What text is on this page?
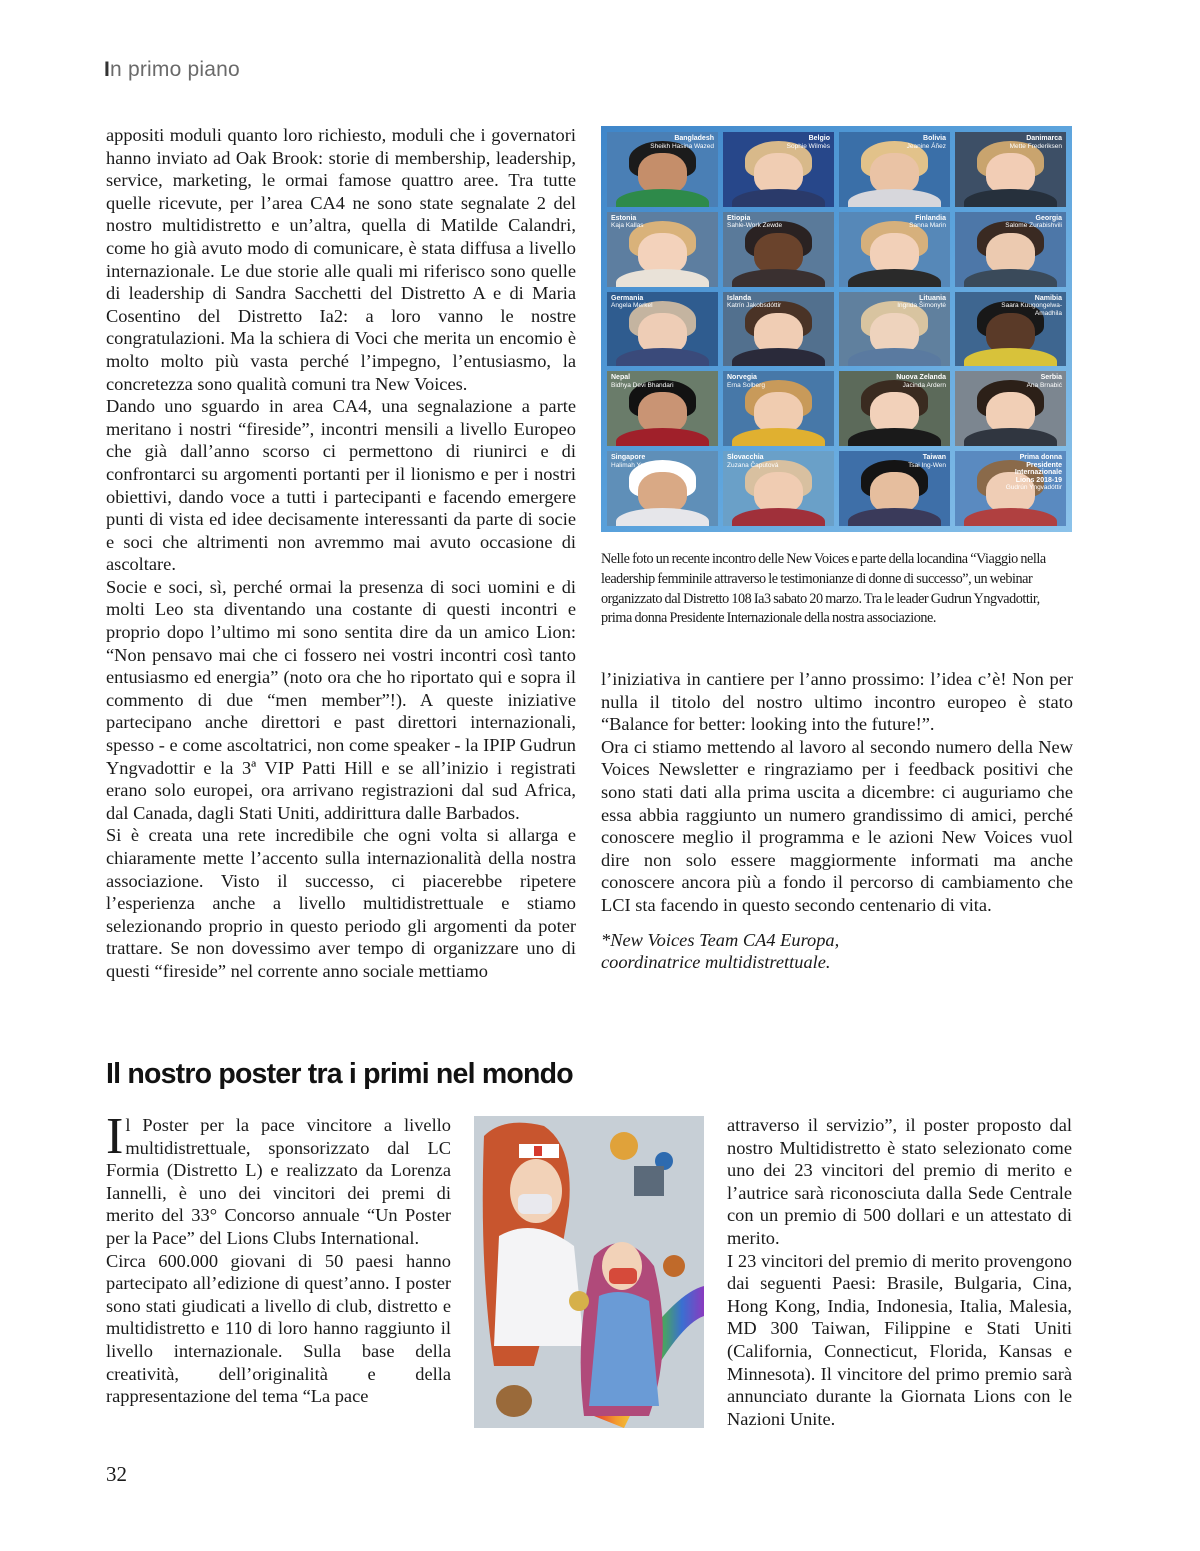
In primo piano

appositi moduli quanto loro richiesto, moduli che i governatori hanno inviato ad Oak Brook: storie di membership, leadership, service, marketing, le ormai famose quattro aree. Tra tutte quelle ricevute, per l’area CA4 ne sono state segnalate 2 del nostro multidistretto e un’altra, quella di Matilde Calandri, come ho già avuto modo di comunicare, è stata diffusa a livello internazionale. Le due storie alle quali mi riferisco sono quelle di leadership di Sandra Sacchetti del Distretto A e di Maria Cosentino del Distretto Ia2: a loro vanno le nostre congratulazioni. Ma la schiera di Voci che merita un encomio è molto molto più vasta perché l’impegno, l’entusiasmo, la concretezza sono qualità comuni tra New Voices.

Dando uno sguardo in area CA4, una segnalazione a parte meritano i nostri “fireside”, incontri mensili a livello Europeo che già dall’anno scorso ci permettono di riunirci e di confrontarci su argomenti portanti per il lionismo e per i nostri obiettivi, dando voce a tutti i partecipanti e facendo emergere punti di vista ed idee decisamente interessanti da parte di socie e soci che altrimenti non avremmo mai avuto occasione di ascoltare.

Socie e soci, sì, perché ormai la presenza di soci uomini e di molti Leo sta diventando una costante di questi incontri e proprio dopo l’ultimo mi sono sentita dire da un amico Lion: “Non pensavo mai che ci fossero nei vostri incontri così tanto entusiasmo ed energia” (noto ora che ho riportato qui e sopra il commento di due “men member”!). A queste iniziative partecipano anche direttori e past direttori internazionali, spesso - e come ascoltatrici, non come speaker - la IPIP Gudrun Yngvadottir e la 3ª VIP Patti Hill e se all’inizio i registrati erano solo europei, ora arrivano registrazioni dal sud Africa, dal Canada, dagli Stati Uniti, addirittura dalle Barbados.

Si è creata una rete incredibile che ogni volta si allarga e chiaramente mette l’accento sulla internazionalità della nostra associazione. Visto il successo, ci piacerebbe ripetere l’esperienza anche a livello multidistrettuale e stiamo selezionando proprio in questo periodo gli argomenti da poter trattare. Se non dovessimo aver tempo di organizzare uno di questi “fireside” nel corrente anno sociale mettiamo

Bangladesh
Sheikh Hasina Wazed
Belgio
Sophie Wilmès
Bolivia
Jeanine Áñez
Danimarca
Mette Frederiksen
Estonia
Kaja Kallas
Etiopia
Sahle-Work Zewde
Finlandia
Sanna Marin
Georgia
Salome Zurabishvili
Germania
Angela Merkel
Islanda
Katrín Jakobsdóttir
Lituania
Ingrida Šimonytė
Namibia
Saara Kuugongelwa-Amadhila
Nepal
Bidhya Devi Bhandari
Norvegia
Erna Solberg
Nuova Zelanda
Jacinda Ardern
Serbia
Ana Brnabić
Singapore
Halimah Yacob
Slovacchia
Zuzana Čaputová
Taiwan
Tsai Ing-Wen
Prima donna Presidente Internazionale Lions 2018-19
Gudrún Yngvadóttir
Nelle foto un recente incontro delle New Voices e parte della locandina “Viaggio nella leadership femminile attraverso le testimonianze di donne di successo”, un webinar organizzato dal Distretto 108 Ia3 sabato 20 marzo. Tra le leader Gudrun Yngvadottir, prima donna Presidente Internazionale della nostra associazione.

l’iniziativa in cantiere per l’anno prossimo: l’idea c’è! Non per nulla il titolo del nostro ultimo incontro europeo è stato “Balance for better: looking into the future!”.

Ora ci stiamo mettendo al lavoro al secondo numero della New Voices Newsletter e ringraziamo per i feedback positivi che sono stati dati alla prima uscita a dicembre: ci auguriamo che essa abbia raggiunto un numero grandissimo di amici, perché conoscere meglio il programma e le azioni New Voices vuol dire non solo essere maggiormente informati ma anche conoscere ancora più a fondo il percorso di cambiamento che LCI sta facendo in questo secondo centenario di vita.

*New Voices Team CA4 Europa,
coordinatrice multidistrettuale.

Il nostro poster tra i primi nel mondo

Il Poster per la pace vincitore a livello multidistrettuale, sponsorizzato dal LC Formia (Distretto L) e realizzato da Lorenza Iannelli, è uno dei vincitori dei premi di merito del 33° Concorso annuale “Un Poster per la Pace” del Lions Clubs International.

Circa 600.000 giovani di 50 paesi hanno partecipato all’edizione di quest’anno. I poster sono stati giudicati a livello di club, distretto e multidistretto e 110 di loro hanno raggiunto il livello internazionale. Sulla base della creatività, dell’originalità e della rappresentazione del tema “La pace

attraverso il servizio”, il poster proposto dal nostro Multidistretto è stato selezionato come uno dei 23 vincitori del premio di merito e l’autrice sarà riconosciuta dalla Sede Centrale con un premio di 500 dollari e un attestato di merito.

I 23 vincitori del premio di merito provengono dai seguenti Paesi: Brasile, Bulgaria, Cina, Hong Kong, India, Indonesia, Italia, Malesia, MD 300 Taiwan, Filippine e Stati Uniti (California, Connecticut, Florida, Kansas e Minnesota). Il vincitore del primo premio sarà annunciato durante la Giornata Lions con le Nazioni Unite.

32
